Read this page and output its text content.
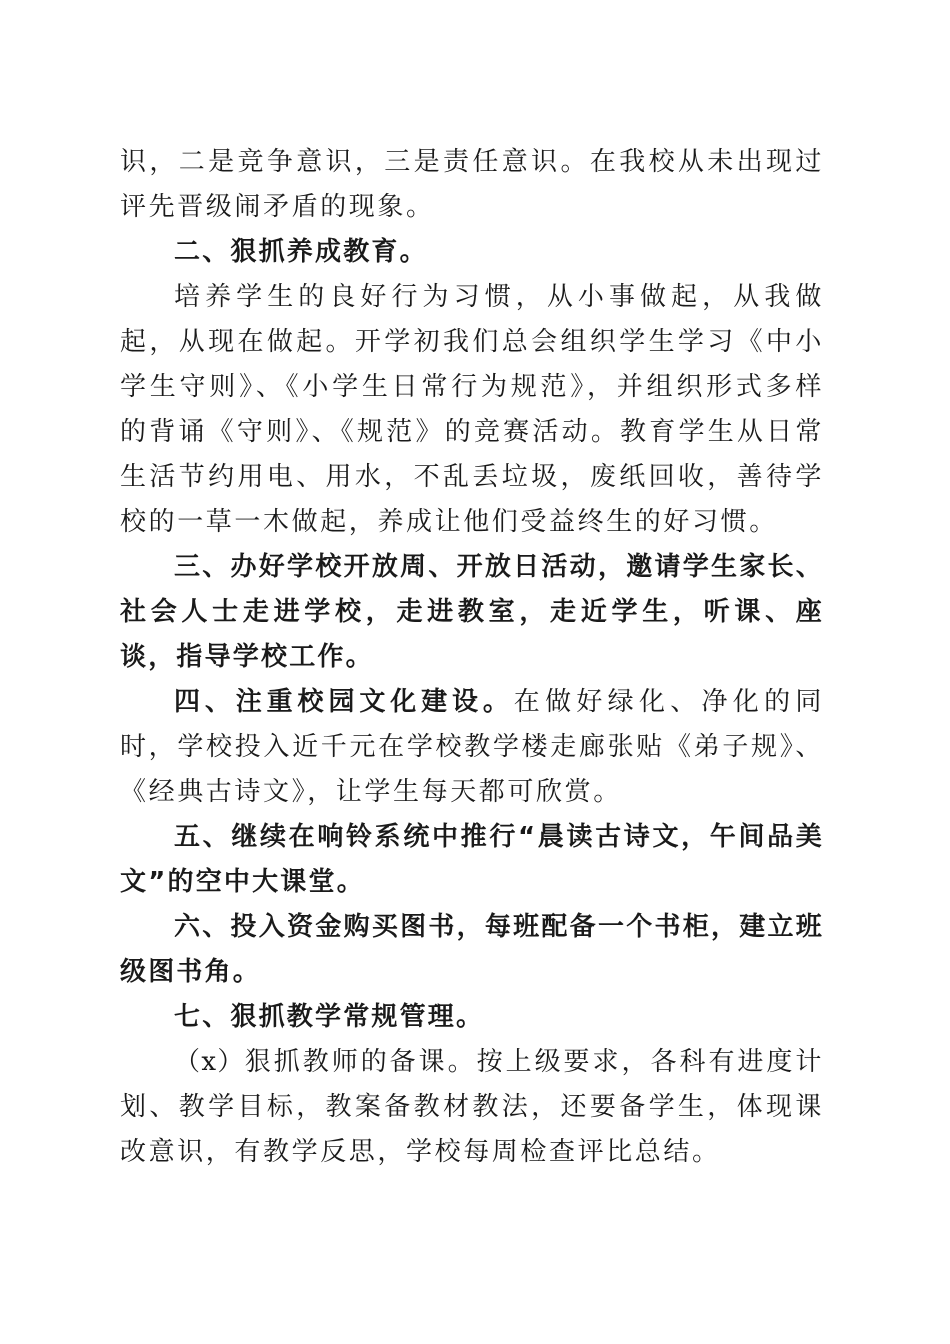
识，二是竞争意识，三是责任意识。在我校从未出现过评先晋级闹矛盾的现象。

二、狠抓养成教育。

培养学生的良好行为习惯，从小事做起，从我做起，从现在做起。开学初我们总会组织学生学习《中小学生守则》、《小学生日常行为规范》，并组织形式多样的背诵《守则》、《规范》的竞赛活动。教育学生从日常生活节约用电、用水，不乱丢垃圾，废纸回收，善待学校的一草一木做起，养成让他们受益终生的好习惯。

三、办好学校开放周、开放日活动，邀请学生家长、社会人士走进学校，走进教室，走近学生，听课、座谈，指导学校工作。

四、注重校园文化建设。在做好绿化、净化的同时，学校投入近千元在学校教学楼走廊张贴《弟子规》、《经典古诗文》，让学生每天都可欣赏。

五、继续在响铃系统中推行“晨读古诗文，午间品美文”的空中大课堂。

六、投入资金购买图书，每班配备一个书柜，建立班级图书角。

七、狠抓教学常规管理。

（x）狠抓教师的备课。按上级要求，各科有进度计划、教学目标，教案备教材教法，还要备学生，体现课改意识，有教学反思，学校每周检查评比总结。
